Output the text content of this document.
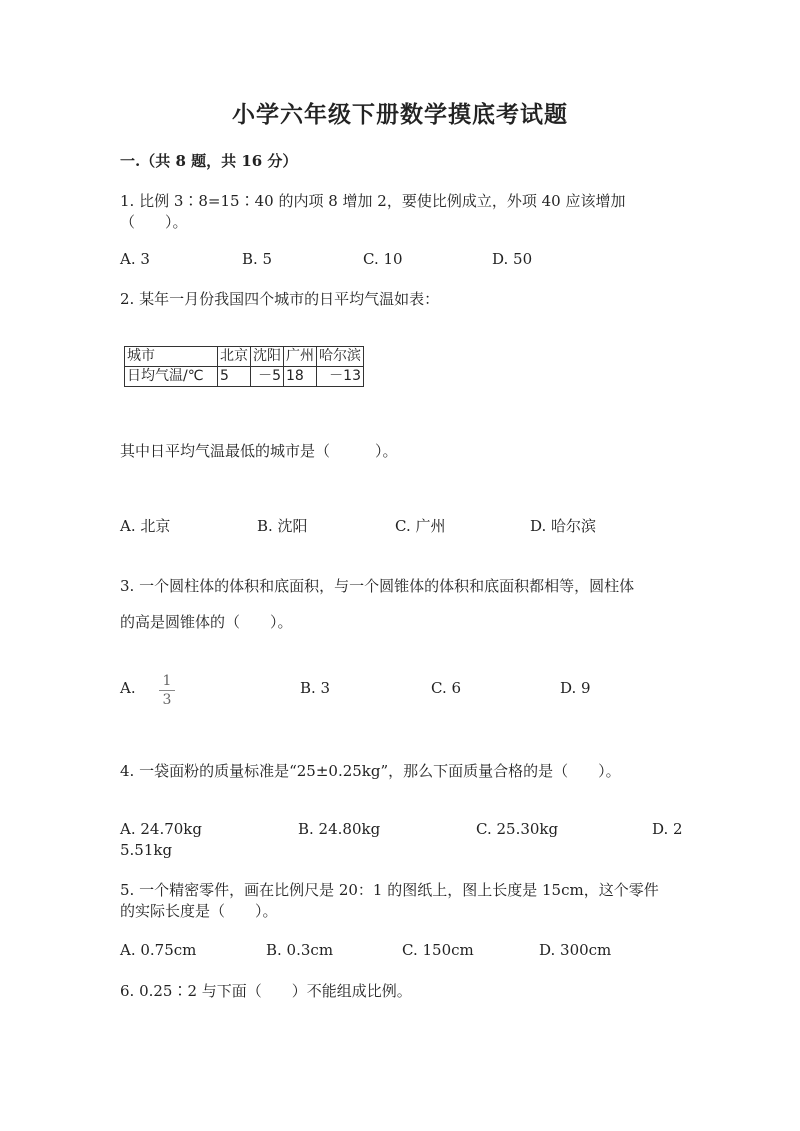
小学六年级下册数学摸底考试题
一.（共 8 题，共 16 分）
1. 比例 3∶8=15∶40 的内项 8 增加 2，要使比例成立，外项 40 应该增加
（　　）。
A. 3	B. 5	C. 10	D. 50
2. 某年一月份我国四个城市的日平均气温如表：
城市	北京	沈阳	广州	哈尔滨
日均气温/℃	5	－5	18	－13
其中日平均气温最低的城市是（　　　）。
A. 北京	B. 沈阳	C. 广州	D. 哈尔滨
3. 一个圆柱体的体积和底面积，与一个圆锥体的体积和底面积都相等，圆柱体
的高是圆锥体的（　　）。
A. 1
3
B. 3	C. 6	D. 9
4. 一袋面粉的质量标准是“25±0.25kg”，那么下面质量合格的是（　　）。
A. 24.70kg	B. 24.80kg	C. 25.30kg	D. 2
5.51kg
5. 一个精密零件，画在比例尺是 20：1 的图纸上，图上长度是 15cm，这个零件
的实际长度是（　　）。
A. 0.75cm	B. 0.3cm	C. 150cm	D. 300cm
6. 0.25∶2 与下面（　　）不能组成比例。
